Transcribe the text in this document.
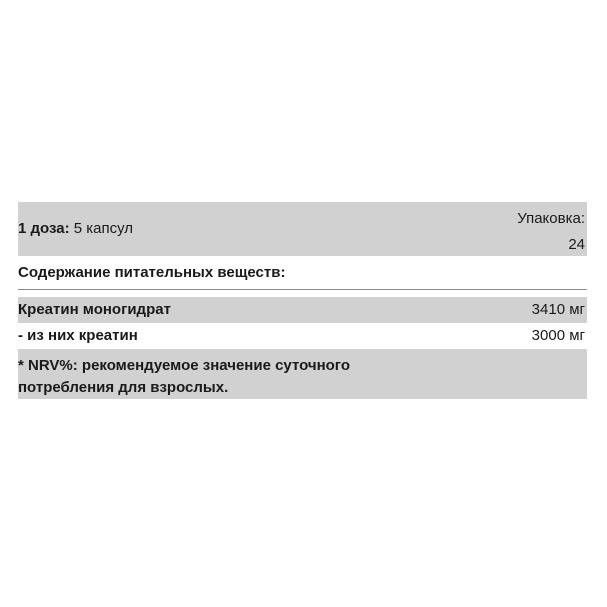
1 доза: 5 капсул
Упаковка:
24
Содержание питательных веществ:
Креатин моногидрат	3410 мг
- из них креатин	3000 мг
* NRV%: рекомендуемое значение суточного потребления для взрослых.
